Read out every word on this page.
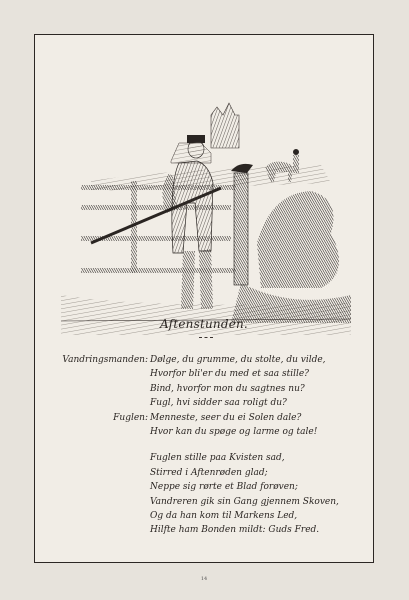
Aftenstunden.
Vandringsmanden: Dølge, du grumme, du stolte, du vilde,
Hvorfor bli'er du med et saa stille?
Bind, hvorfor mon du sagtnes nu?
Fugl, hvi sidder saa roligt du?
Fuglen: Menneste, seer du ei Solen dale?
Hvor kan du spøge og larme og tale!
Fuglen stille paa Kvisten sad,
Stirred i Aftenrøden glad;
Neppe sig rørte et Blad forøven;
Vandreren gik sin Gang gjennem Skoven,
Og da han kom til Markens Led,
Hilfte ham Bonden mildt: Guds Fred.
14
